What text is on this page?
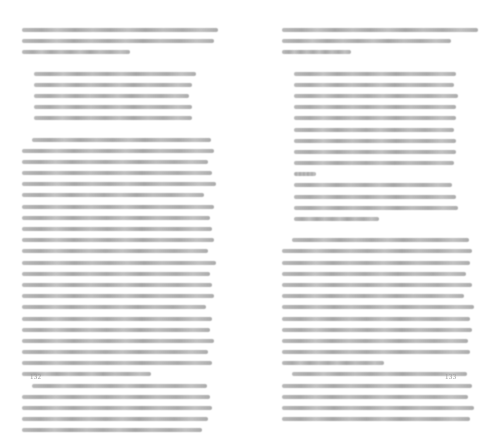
132	133
